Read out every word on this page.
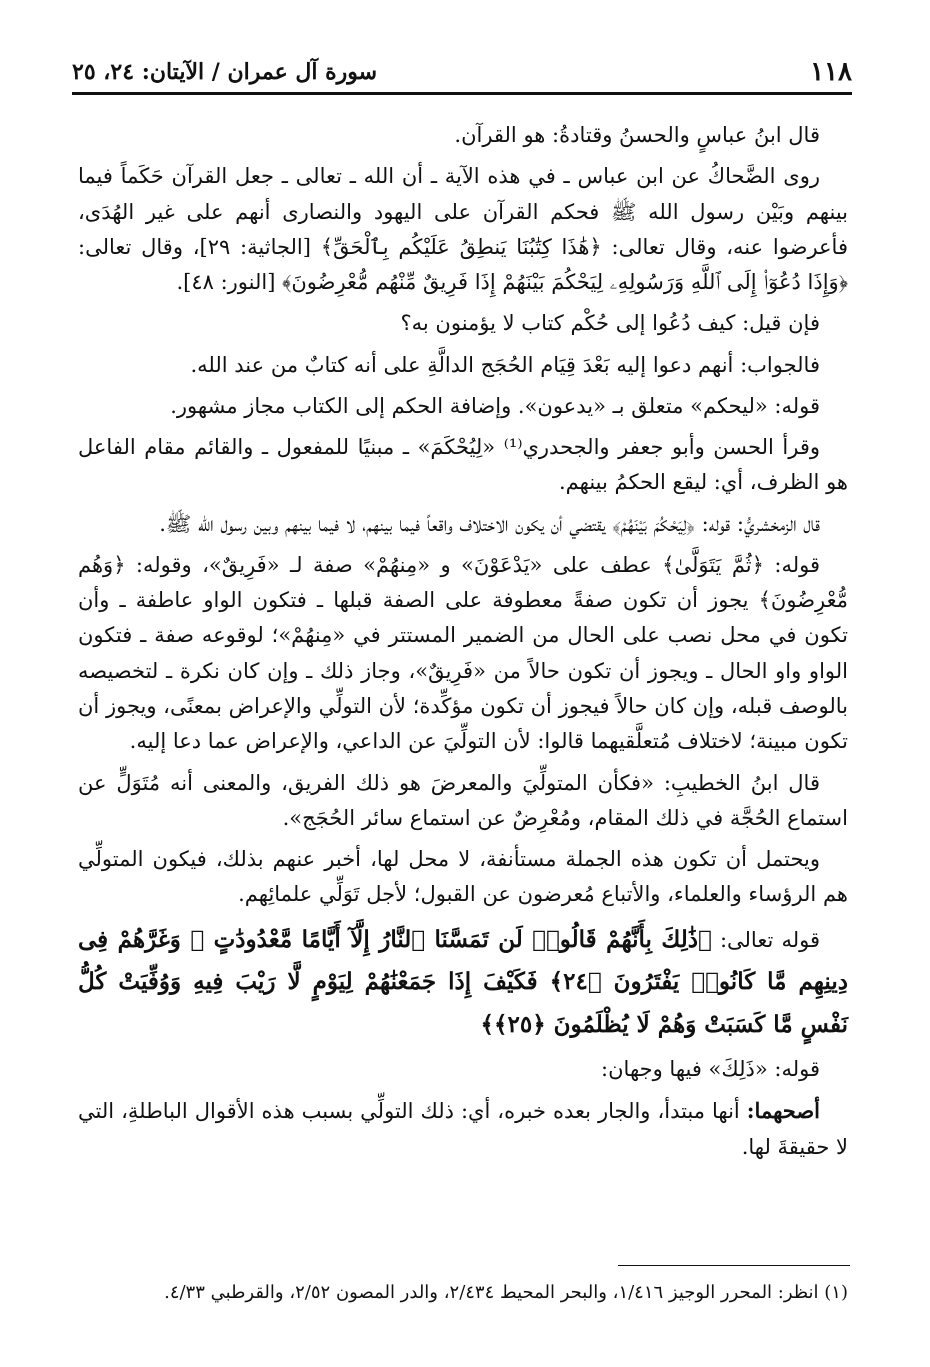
١١٨
سورة آل عمران / الآيتان: ٢٤، ٢٥

قال ابنُ عباسٍ والحسنُ وقتادةُ: هو القرآن.

روى الضَّحاكُ عن ابن عباس ـ في هذه الآية ـ أن الله ـ تعالى ـ جعل القرآن حَكَماً فيما بينهم وبَيْن رسول الله ﷺ فحكم القرآن على اليهود والنصارى أنهم على غير الهُدَى، فأعرضوا عنه، وقال تعالى: ﴿هَٰذَا كِتَٰبُنَا يَنطِقُ عَلَيْكُم بِٱلْحَقِّ﴾ [الجاثية: ٢٩]، وقال تعالى: ﴿وَإِذَا دُعُوٓا۟ إِلَى ٱللَّهِ وَرَسُولِهِۦ لِيَحْكُمَ بَيْنَهُمْ إِذَا فَرِيقٌ مِّنْهُم مُّعْرِضُونَ﴾ [النور: ٤٨].

فإن قيل: كيف دُعُوا إلى حُكْم كتاب لا يؤمنون به؟

فالجواب: أنهم دعوا إليه بَعْدَ قِيَام الحُجَج الدالَّةِ على أنه كتابٌ من عند الله.

قوله: «ليحكم» متعلق بـ «يدعون». وإضافة الحكم إلى الكتاب مجاز مشهور.

وقرأ الحسن وأبو جعفر والجحدري⁽¹⁾ «لِيُحْكَمَ» ـ مبنيًا للمفعول ـ والقائم مقام الفاعل هو الظرف، أي: ليقع الحكمُ بينهم.

قال الزمخشريُّ: قوله: ﴿لِيَحْكُمَ بَيْنَهُمْ﴾ يقتضي أن يكون الاختلاف واقعاً فيما بينهم، لا فيما بينهم وبين رسول الله ﷺ.

قوله: ﴿ثُمَّ يَتَوَلَّىٰ﴾ عطف على «يَدْعَوْنَ» و «مِنهُمْ» صفة لـ «فَرِيقٌ»، وقوله: ﴿وَهُم مُّعْرِضُونَ﴾ يجوز أن تكون صفةً معطوفة على الصفة قبلها ـ فتكون الواو عاطفة ـ وأن تكون في محل نصب على الحال من الضمير المستتر في «مِنهُمْ»؛ لوقوعه صفة ـ فتكون الواو واو الحال ـ ويجوز أن تكون حالاً من «فَرِيقٌ»، وجاز ذلك ـ وإن كان نكرة ـ لتخصيصه بالوصف قبله، وإن كان حالاً فيجوز أن تكون مؤكِّدة؛ لأن التولِّي والإعراض بمعنًى، ويجوز أن تكون مبينة؛ لاختلاف مُتعلَّقيهما قالوا: لأن التولِّيَ عن الداعي، والإعراض عما دعا إليه.

قال ابنُ الخطيبِ: «فكأن المتولِّيَ والمعرضَ هو ذلك الفريق، والمعنى أنه مُتَوَلٍّ عن استماع الحُجَّة في ذلك المقام، ومُعْرِضٌ عن استماع سائر الحُجَج».

ويحتمل أن تكون هذه الجملة مستأنفة، لا محل لها، أخبر عنهم بذلك، فيكون المتولِّي هم الرؤساء والعلماء، والأتباع مُعرضون عن القبول؛ لأجل تَوَلِّي علمائِهم.

قوله تعالى: ﴿ذَٰلِكَ بِأَنَّهُمْ قَالُوا۟ لَن تَمَسَّنَا ٱلنَّارُ إِلَّآ أَيَّامًا مَّعْدُودَٰتٍ ۖ وَغَرَّهُمْ فِى دِينِهِم مَّا كَانُوا۟ يَفْتَرُونَ ﴿٢٤﴾ فَكَيْفَ إِذَا جَمَعْنَٰهُمْ لِيَوْمٍ لَّا رَيْبَ فِيهِ وَوُفِّيَتْ كُلُّ نَفْسٍ مَّا كَسَبَتْ وَهُمْ لَا يُظْلَمُونَ ﴿٢٥﴾﴾

قوله: «ذَلِكَ» فيها وجهان:

أصحهما: أنها مبتدأ، والجار بعده خبره، أي: ذلك التولِّي بسبب هذه الأقوال الباطلةِ، التي لا حقيقةَ لها.

(١) انظر: المحرر الوجيز ١/٤١٦، والبحر المحيط ٢/٤٣٤، والدر المصون ٢/٥٢، والقرطبي ٤/٣٣.
